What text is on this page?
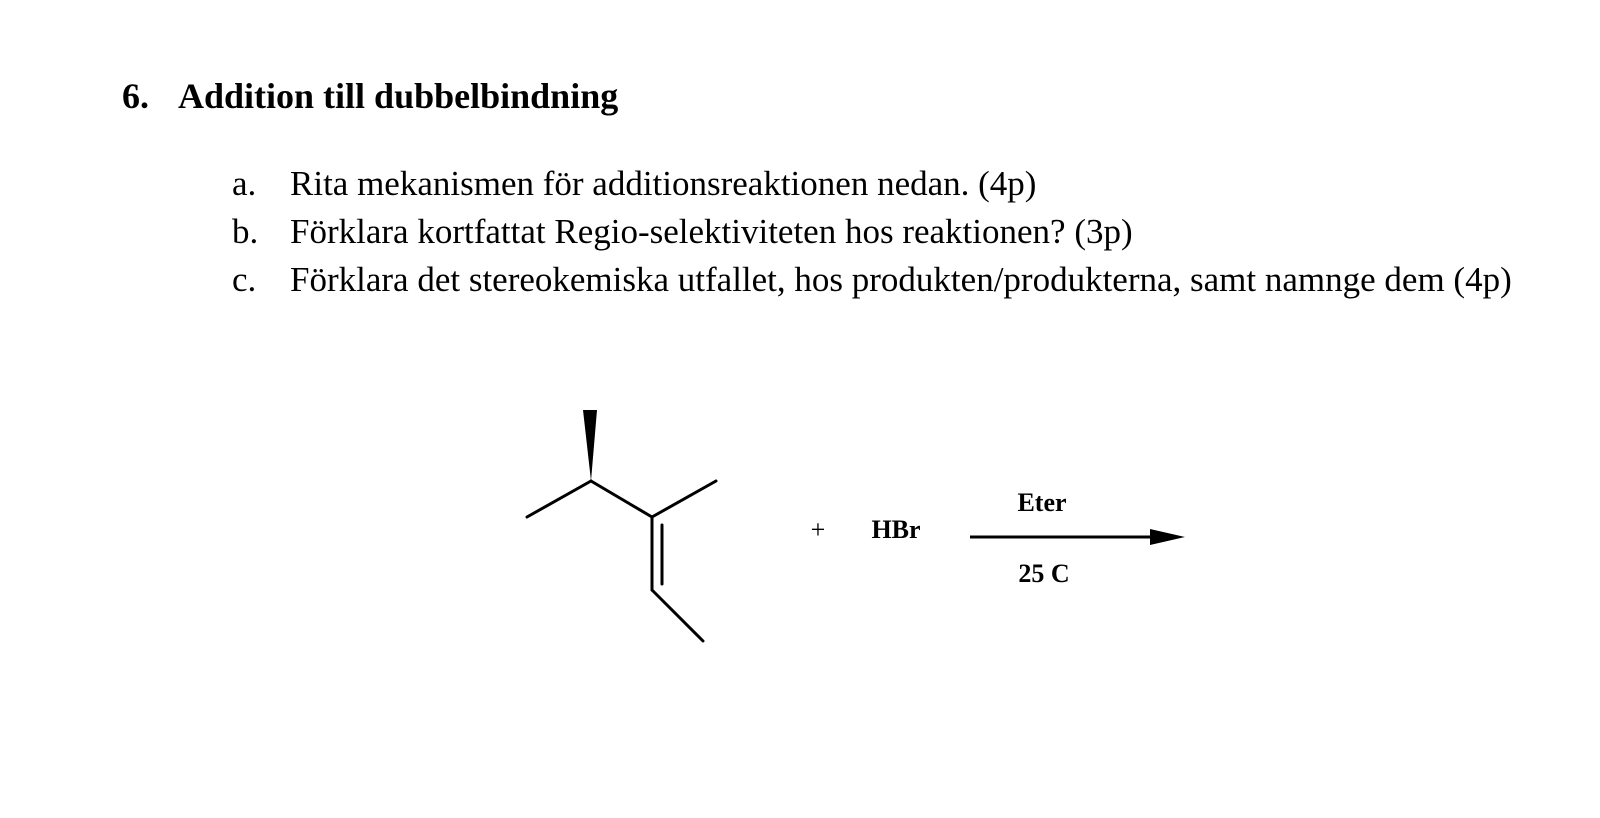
6. Addition till dubbelbindning
a. Rita mekanismen för additionsreaktionen nedan. (4p)
b. Förklara kortfattat Regio-selektiviteten hos reaktionen? (3p)
c. Förklara det stereokemiska utfallet, hos produkten/produkterna, samt namnge dem (4p)
+ HBr
Eter
25 C
